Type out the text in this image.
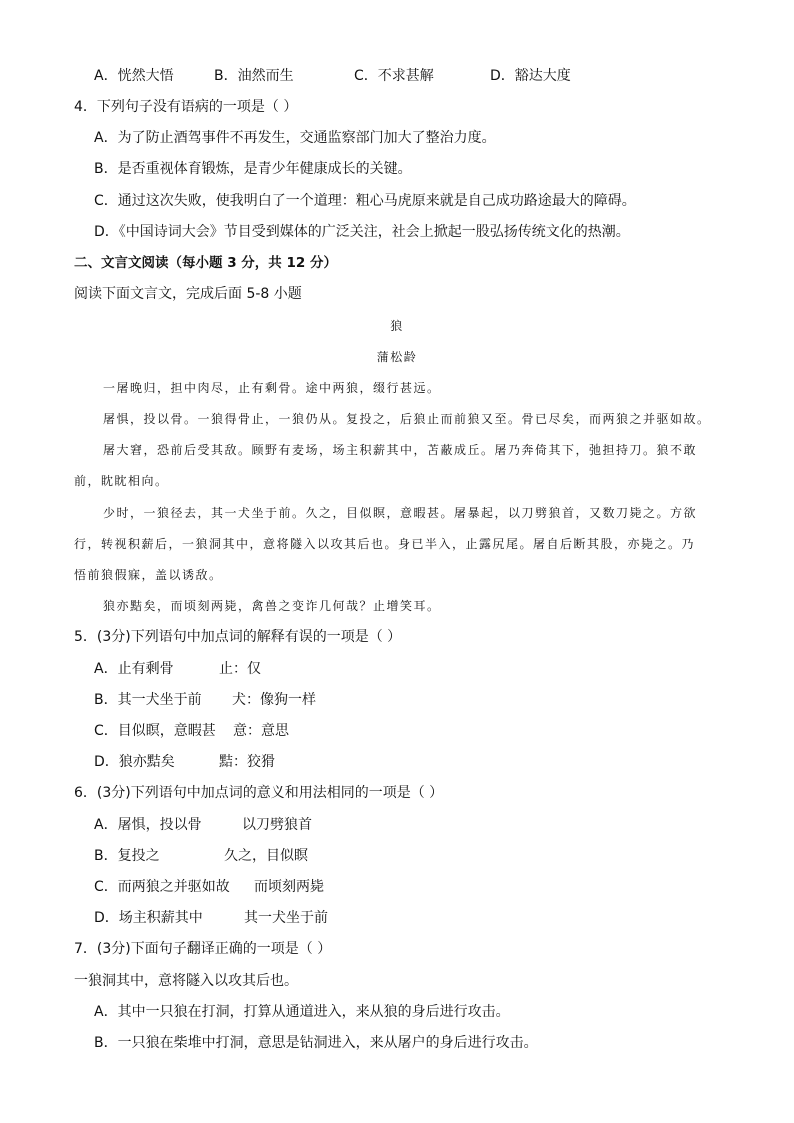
A．恍然大悟	B．油然而生	C．不求甚解	D．豁达大度
4．下列句子没有语病的一项是（ ）
A．为了防止酒驾事件不再发生，交通监察部门加大了整治力度。
B．是否重视体育锻炼，是青少年健康成长的关键。
C．通过这次失败，使我明白了一个道理：粗心马虎原来就是自己成功路途最大的障碍。
D．《中国诗词大会》节目受到媒体的广泛关注，社会上掀起一股弘扬传统文化的热潮。
二、文言文阅读（每小题 3 分，共 12 分）
阅读下面文言文，完成后面 5-8 小题
狼
蒲松龄
一屠晚归，担中肉尽，止有剩骨。途中两狼，缀行甚远。
屠惧，投以骨。一狼得骨止，一狼仍从。复投之，后狼止而前狼又至。骨已尽矣，而两狼之并驱如故。
屠大窘，恐前后受其敌。顾野有麦场，场主积薪其中，苫蔽成丘。屠乃奔倚其下，弛担持刀。狼不敢
前，眈眈相向。
少时，一狼径去，其一犬坐于前。久之，目似瞑，意暇甚。屠暴起，以刀劈狼首，又数刀毙之。方欲
行，转视积薪后，一狼洞其中，意将隧入以攻其后也。身已半入，止露尻尾。屠自后断其股，亦毙之。乃
悟前狼假寐，盖以诱敌。
狼亦黠矣，而顷刻两毙，禽兽之变诈几何哉？止增笑耳。
5．(3分)下列语句中加点词的解释有误的一项是（ ）
A．止有剩骨	止：仅
B．其一犬坐于前 犬：像狗一样
C．目似瞑，意暇甚 意：意思
D．狼亦黠矣	黠：狡猾
6．(3分)下列语句中加点词的意义和用法相同的一项是（ ）
A．屠惧，投以骨	以刀劈狼首
B．复投之	久之，目似瞑
C．而两狼之并驱如故 而顷刻两毙
D．场主积薪其中	其一犬坐于前
7．(3分)下面句子翻译正确的一项是（ ）
一狼洞其中，意将隧入以攻其后也。
A．其中一只狼在打洞，打算从通道进入，来从狼的身后进行攻击。
B．一只狼在柴堆中打洞，意思是钻洞进入，来从屠户的身后进行攻击。
